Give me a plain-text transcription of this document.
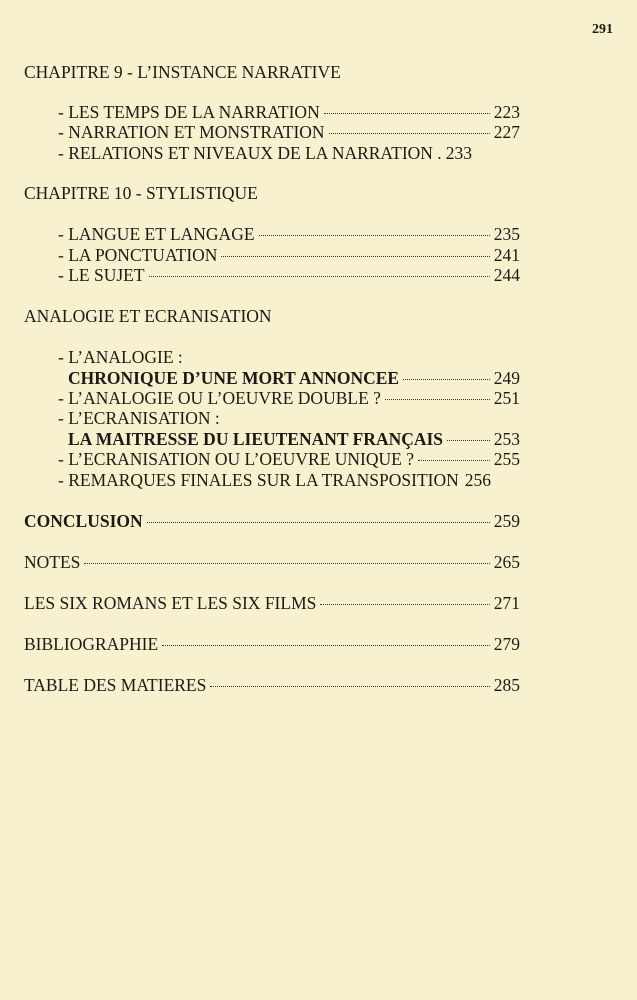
291
CHAPITRE 9 - L’INSTANCE NARRATIVE
- LES TEMPS DE LA NARRATION	223
- NARRATION ET MONSTRATION	227
- RELATIONS ET NIVEAUX DE LA NARRATION . 233
CHAPITRE 10 - STYLISTIQUE
- LANGUE ET LANGAGE	235
- LA PONCTUATION	241
- LE SUJET	244
ANALOGIE ET ECRANISATION
- L’ANALOGIE :
CHRONIQUE D’UNE MORT ANNONCEE	249
- L’ANALOGIE OU L’OEUVRE DOUBLE ?	251
- L’ECRANISATION :
LA MAITRESSE DU LIEUTENANT FRANÇAIS	253
- L’ECRANISATION OU L’OEUVRE UNIQUE ?	255
- REMARQUES FINALES SUR LA TRANSPOSITION 256
CONCLUSION	259
NOTES	265
LES SIX ROMANS ET LES SIX FILMS	271
BIBLIOGRAPHIE	279
TABLE DES MATIERES	285
